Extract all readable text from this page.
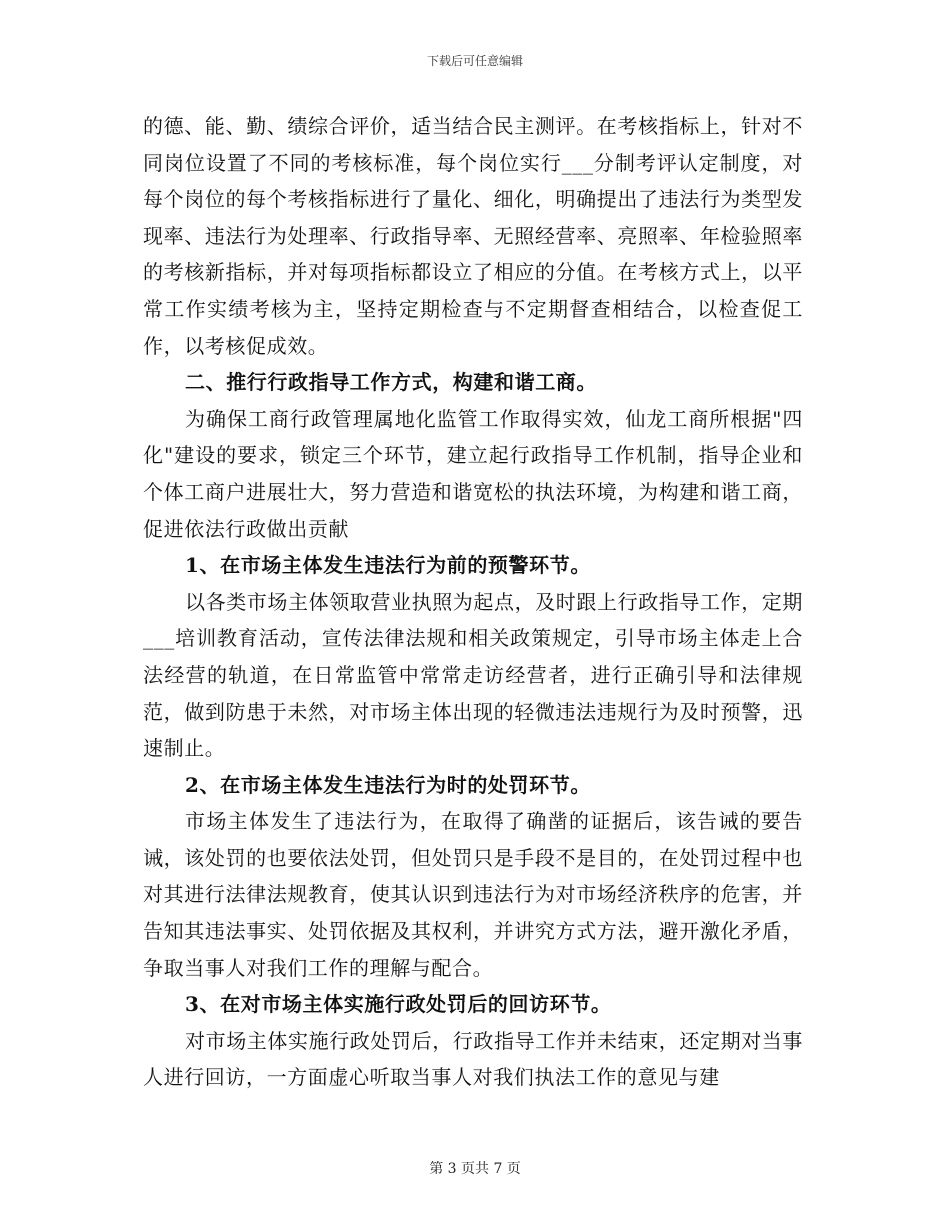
下载后可任意编辑

的德、能、勤、绩综合评价，适当结合民主测评。在考核指标上，针对不同岗位设置了不同的考核标准，每个岗位实行___分制考评认定制度，对每个岗位的每个考核指标进行了量化、细化，明确提出了违法行为类型发现率、违法行为处理率、行政指导率、无照经营率、亮照率、年检验照率的考核新指标，并对每项指标都设立了相应的分值。在考核方式上，以平常工作实绩考核为主，坚持定期检查与不定期督查相结合，以检查促工作，以考核促成效。

二、推行行政指导工作方式，构建和谐工商。

为确保工商行政管理属地化监管工作取得实效，仙龙工商所根据"四化"建设的要求，锁定三个环节，建立起行政指导工作机制，指导企业和个体工商户进展壮大，努力营造和谐宽松的执法环境，为构建和谐工商，促进依法行政做出贡献

1、在市场主体发生违法行为前的预警环节。

以各类市场主体领取营业执照为起点，及时跟上行政指导工作，定期___培训教育活动，宣传法律法规和相关政策规定，引导市场主体走上合法经营的轨道，在日常监管中常常走访经营者，进行正确引导和法律规范，做到防患于未然，对市场主体出现的轻微违法违规行为及时预警，迅速制止。

2、在市场主体发生违法行为时的处罚环节。

市场主体发生了违法行为，在取得了确凿的证据后，该告诫的要告诫，该处罚的也要依法处罚，但处罚只是手段不是目的，在处罚过程中也对其进行法律法规教育，使其认识到违法行为对市场经济秩序的危害，并告知其违法事实、处罚依据及其权利，并讲究方式方法，避开激化矛盾，争取当事人对我们工作的理解与配合。

3、在对市场主体实施行政处罚后的回访环节。

对市场主体实施行政处罚后，行政指导工作并未结束，还定期对当事人进行回访，一方面虚心听取当事人对我们执法工作的意见与建

第 3 页共 7 页
